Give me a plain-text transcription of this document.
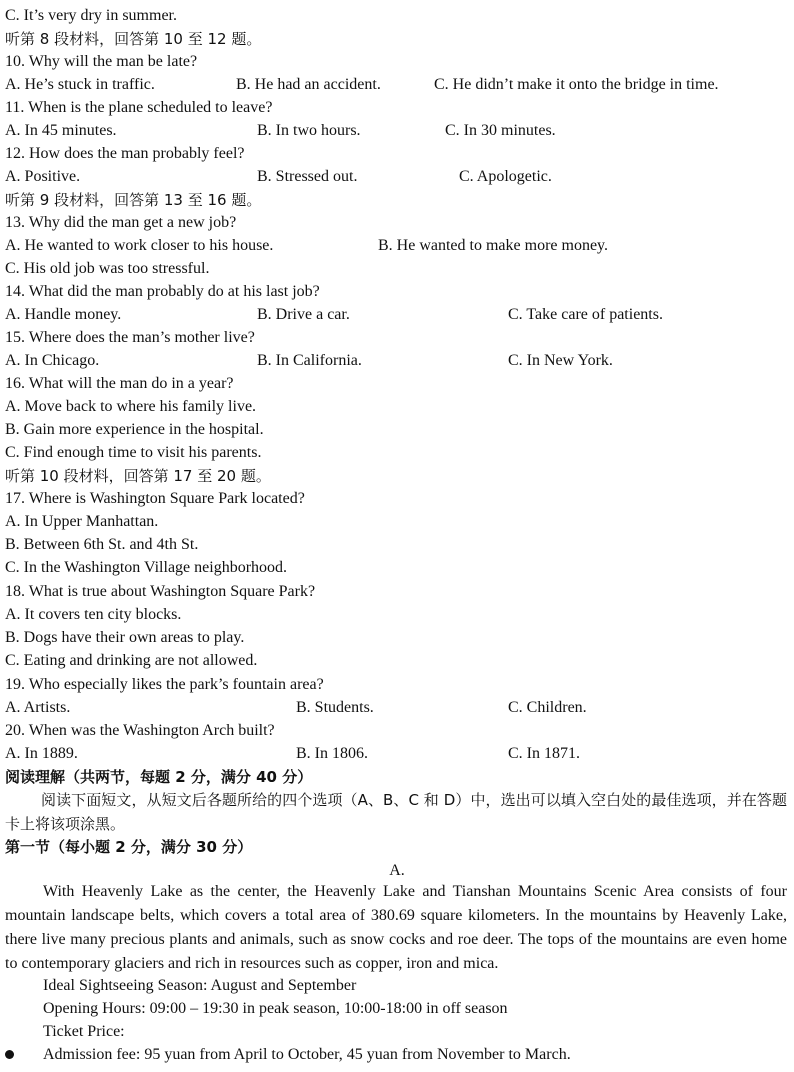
C. It’s very dry in summer.
听第 8 段材料，回答第 10 至 12 题。
10. Why will the man be late?
A. He’s stuck in traffic.	B. He had an accident.	C. He didn’t make it onto the bridge in time.
11. When is the plane scheduled to leave?
A. In 45 minutes.	B. In two hours.	C. In 30 minutes.
12. How does the man probably feel?
A. Positive.	B. Stressed out.	C. Apologetic.
听第 9 段材料，回答第 13 至 16 题。
13. Why did the man get a new job?
A. He wanted to work closer to his house.	B. He wanted to make more money.
C. His old job was too stressful.
14. What did the man probably do at his last job?
A. Handle money.	B. Drive a car.	C. Take care of patients.
15. Where does the man’s mother live?
A. In Chicago.	B. In California.	C. In New York.
16. What will the man do in a year?
A. Move back to where his family live.
B. Gain more experience in the hospital.
C. Find enough time to visit his parents.
听第 10 段材料，回答第 17 至 20 题。
17. Where is Washington Square Park located?
A. In Upper Manhattan.
B. Between 6th St. and 4th St.
C. In the Washington Village neighborhood.
18. What is true about Washington Square Park?
A. It covers ten city blocks.
B. Dogs have their own areas to play.
C. Eating and drinking are not allowed.
19. Who especially likes the park’s fountain area?
A. Artists.	B. Students.	C. Children.
20. When was the Washington Arch built?
A. In 1889.	B. In 1806.	C. In 1871.
阅读理解（共两节，每题 2 分，满分 40 分）
阅读下面短文，从短文后各题所给的四个选项（A、B、C 和 D）中，选出可以填入空白处的最佳选项，并在答题卡上将该项涂黑。
第一节（每小题 2 分，满分 30 分）
A.
With Heavenly Lake as the center, the Heavenly Lake and Tianshan Mountains Scenic Area consists of four mountain landscape belts, which covers a total area of 380.69 square kilometers. In the mountains by Heavenly Lake, there live many precious plants and animals, such as snow cocks and roe deer. The tops of the mountains are even home to contemporary glaciers and rich in resources such as copper, iron and mica.
Ideal Sightseeing Season: August and September
Opening Hours: 09:00 – 19:30 in peak season, 10:00-18:00 in off season
Ticket Price:
Admission fee: 95 yuan from April to October, 45 yuan from November to March.
